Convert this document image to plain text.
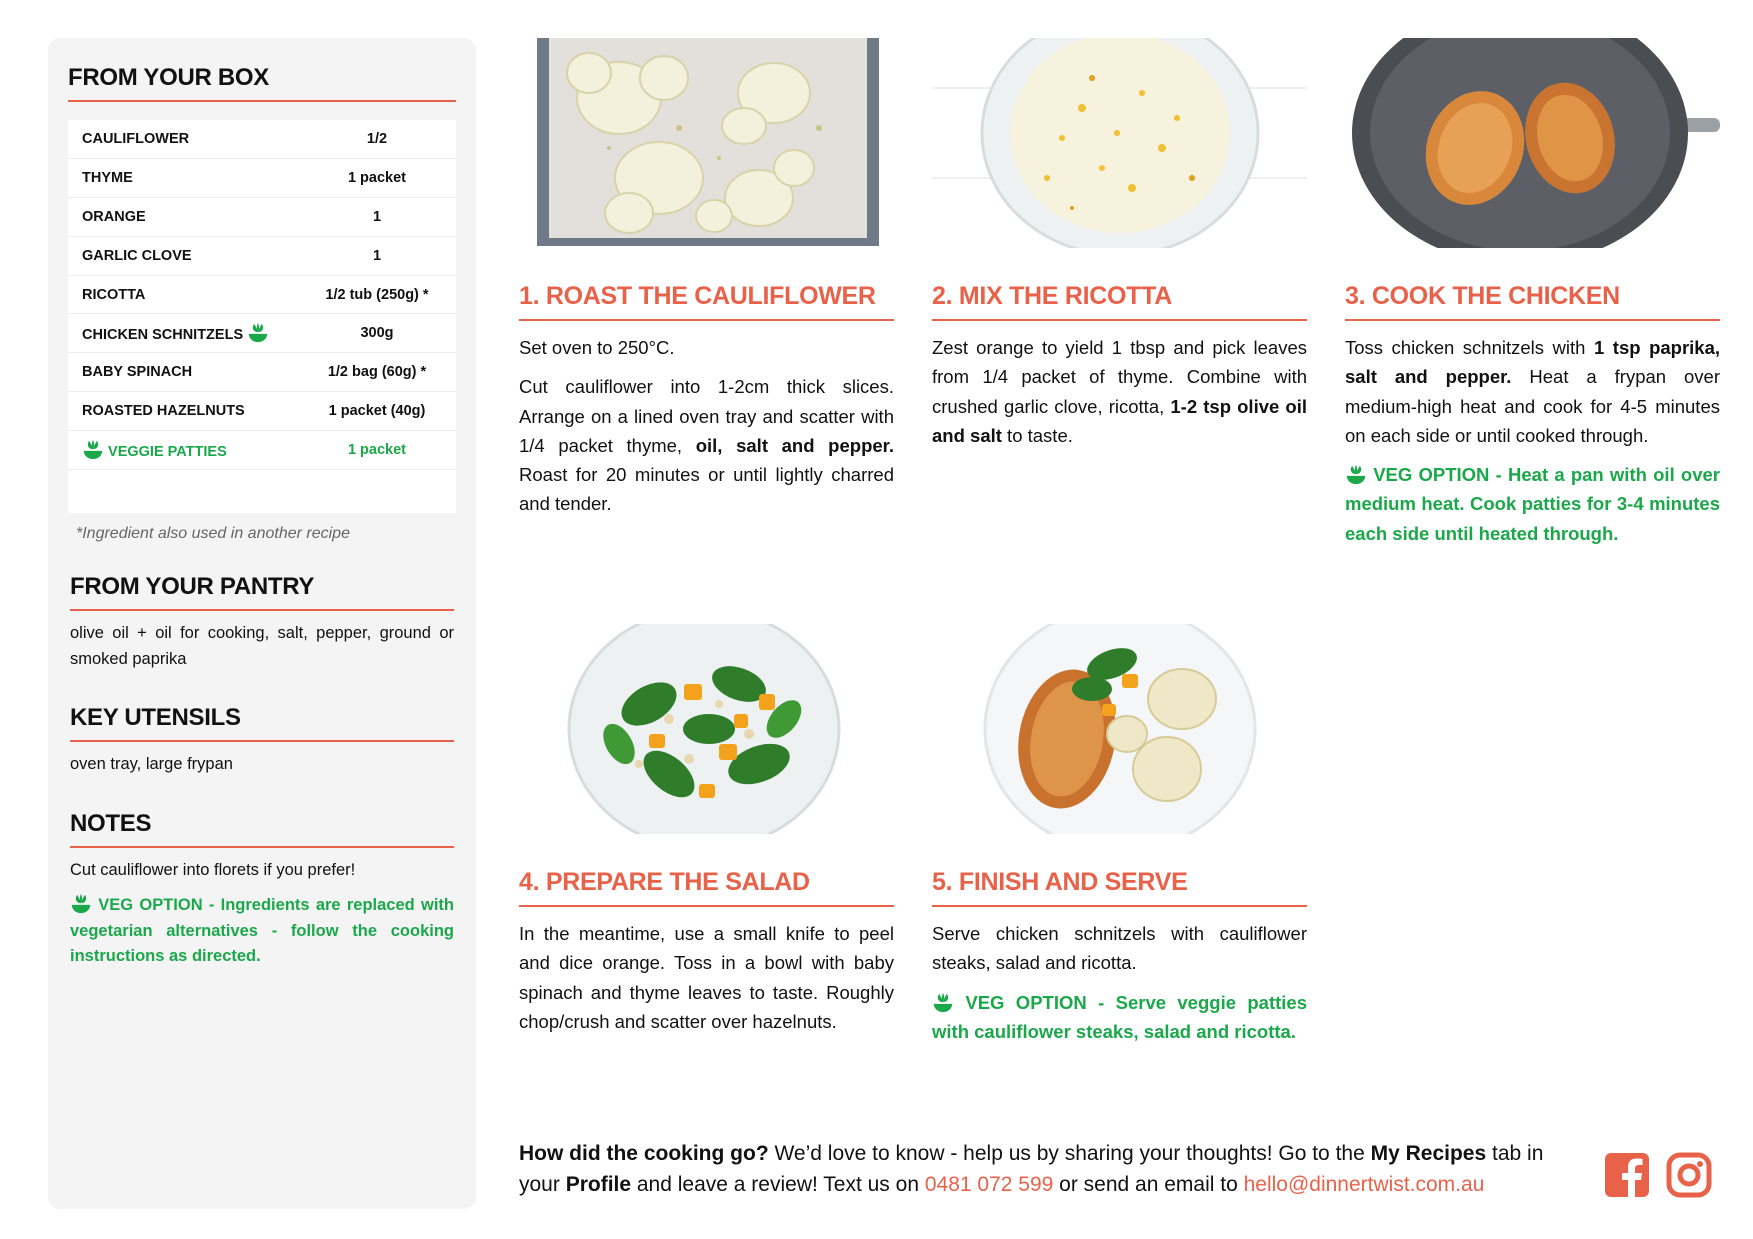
FROM YOUR BOX
CAULIFLOWER	1/2
THYME	1 packet
ORANGE	1
GARLIC CLOVE	1
RICOTTA	1/2 tub (250g) *
CHICKEN SCHNITZELS	300g
BABY SPINACH	1/2 bag (60g) *
ROASTED HAZELNUTS	1 packet (40g)

VEGGIE PATTIES	1 packet

*Ingredient also used in another recipe
FROM YOUR PANTRY
olive oil + oil for cooking, salt, pepper, ground or smoked paprika
KEY UTENSILS
oven tray, large frypan
NOTES
Cut cauliflower into florets if you prefer!
VEG OPTION - Ingredients are replaced with vegetarian alternatives - follow the cooking instructions as directed.
1. ROAST THE CAULIFLOWER

Set oven to 250°C.

Cut cauliflower into 1-2cm thick slices. Arrange on a lined oven tray and scatter with 1/4 packet thyme, oil, salt and pepper. Roast for 20 minutes or until lightly charred and tender.

2. MIX THE RICOTTA

Zest orange to yield 1 tbsp and pick leaves from 1/4 packet of thyme. Combine with crushed garlic clove, ricotta, 1-2 tsp olive oil and salt to taste.

3. COOK THE CHICKEN

Toss chicken schnitzels with 1 tsp paprika, salt and pepper. Heat a frypan over medium-high heat and cook for 4-5 minutes on each side or until cooked through.

VEG OPTION - Heat a pan with oil over medium heat. Cook patties for 3-4 minutes each side until heated through.

4. PREPARE THE SALAD

In the meantime, use a small knife to peel and dice orange. Toss in a bowl with baby spinach and thyme leaves to taste. Roughly chop/crush and scatter over hazelnuts.

5. FINISH AND SERVE

Serve chicken schnitzels with cauliflower steaks, salad and ricotta.

VEG OPTION - Serve veggie patties with cauliflower steaks, salad and ricotta.

How did the cooking go? We’d love to know - help us by sharing your thoughts! Go to the My Recipes tab in your Profile and leave a review! Text us on 0481 072 599 or send an email to hello@dinnertwist.com.au
